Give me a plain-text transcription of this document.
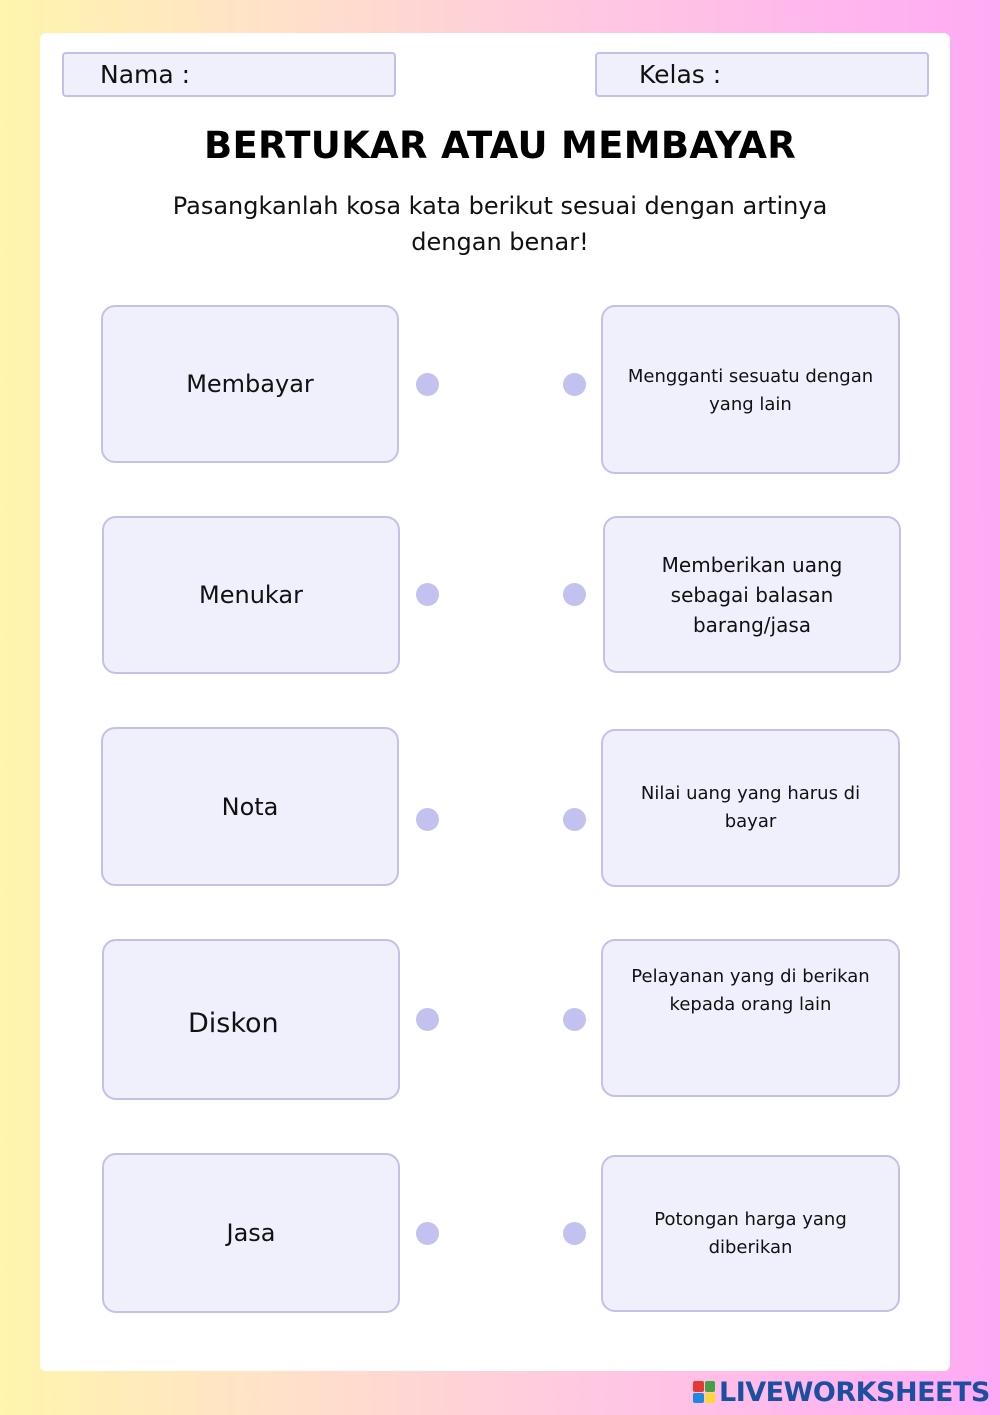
Nama :	Kelas :
BERTUKAR ATAU MEMBAYAR
Pasangkanlah kosa kata berikut sesuai dengan artinya dengan benar!
Membayar
Menukar
Nota
Diskon
Jasa
Mengganti sesuatu dengan yang lain
Memberikan uang sebagai balasan barang/jasa
Nilai uang yang harus di bayar
Pelayanan yang di berikan kepada orang lain
Potongan harga yang diberikan
LIVEWORKSHEETS
